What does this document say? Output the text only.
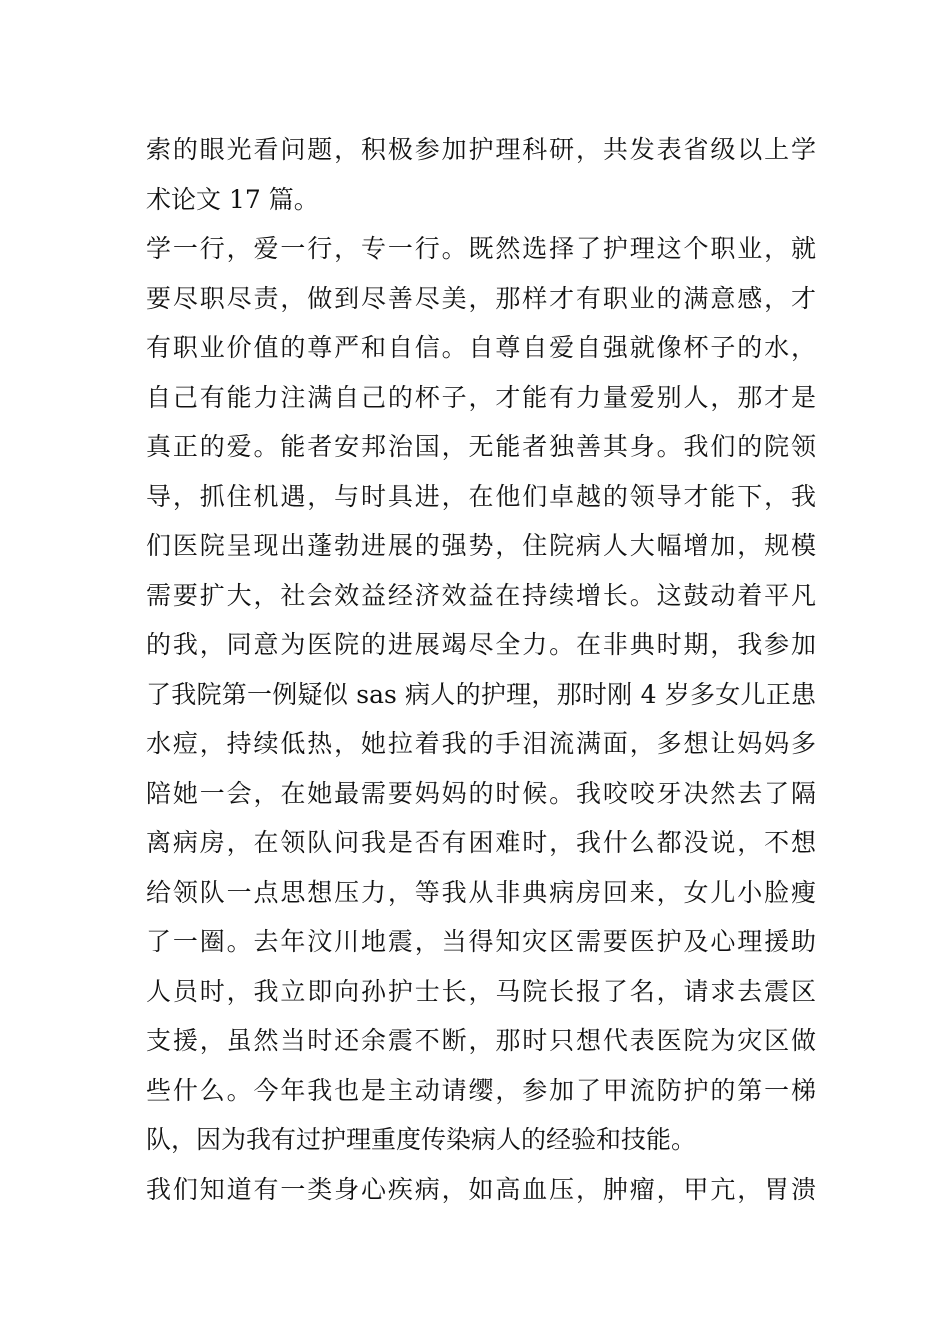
索的眼光看问题，积极参加护理科研，共发表省级以上学
术论文 17 篇。
学一行，爱一行，专一行。既然选择了护理这个职业，就
要尽职尽责，做到尽善尽美，那样才有职业的满意感，才
有职业价值的尊严和自信。自尊自爱自强就像杯子的水，
自己有能力注满自己的杯子，才能有力量爱别人，那才是
真正的爱。能者安邦治国，无能者独善其身。我们的院领
导，抓住机遇，与时具进，在他们卓越的领导才能下，我
们医院呈现出蓬勃进展的强势，住院病人大幅增加，规模
需要扩大，社会效益经济效益在持续增长。这鼓动着平凡
的我，同意为医院的进展竭尽全力。在非典时期，我参加
了我院第一例疑似 sas 病人的护理，那时刚 4 岁多女儿正患
水痘，持续低热，她拉着我的手泪流满面，多想让妈妈多
陪她一会，在她最需要妈妈的时候。我咬咬牙决然去了隔
离病房，在领队问我是否有困难时，我什么都没说，不想
给领队一点思想压力，等我从非典病房回来，女儿小脸瘦
了一圈。去年汶川地震，当得知灾区需要医护及心理援助
人员时，我立即向孙护士长，马院长报了名，请求去震区
支援，虽然当时还余震不断，那时只想代表医院为灾区做
些什么。今年我也是主动请缨，参加了甲流防护的第一梯
队，因为我有过护理重度传染病人的经验和技能。
我们知道有一类身心疾病，如高血压，肿瘤，甲亢，胃溃
